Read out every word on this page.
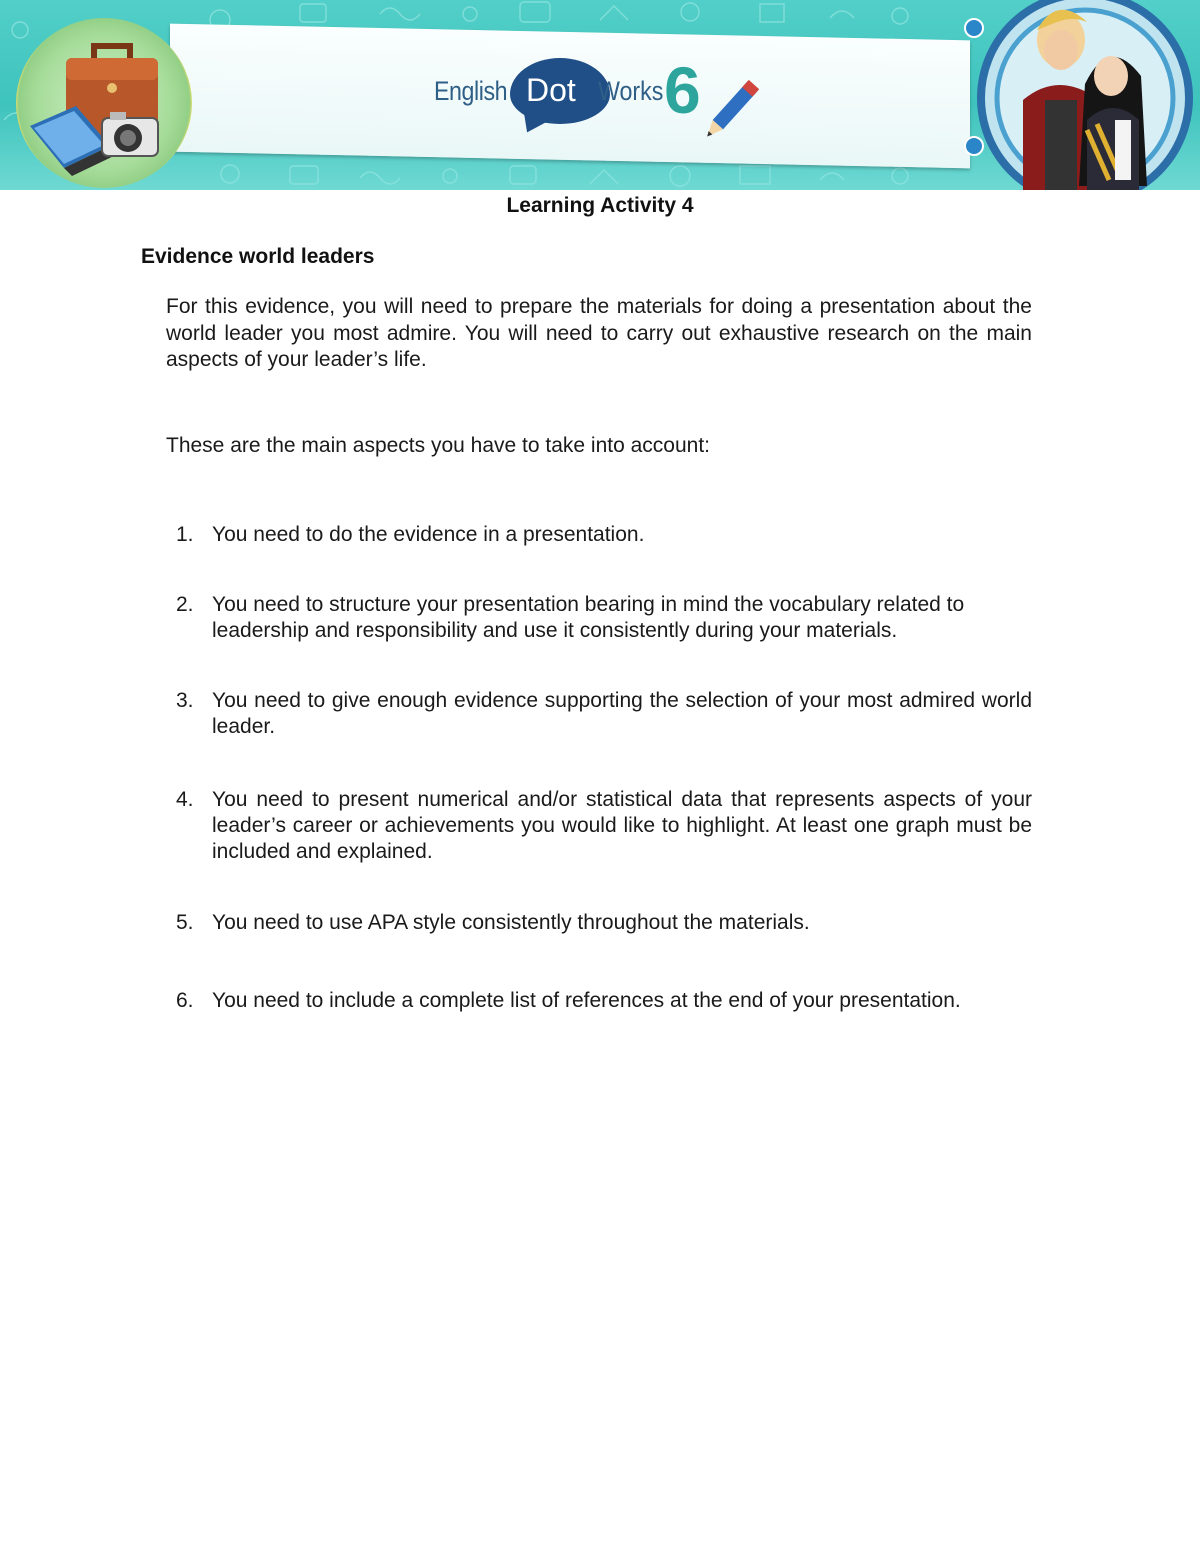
English Dot Works 6
Learning Activity 4
Evidence world leaders
For this evidence, you will need to prepare the materials for doing a presentation about the world leader you most admire. You will need to carry out exhaustive research on the main aspects of your leader’s life.
These are the main aspects you have to take into account:
1. You need to do the evidence in a presentation.
2. You need to structure your presentation bearing in mind the vocabulary related to leadership and responsibility and use it consistently during your materials.
3. You need to give enough evidence supporting the selection of your most admired world leader.
4. You need to present numerical and/or statistical data that represents aspects of your leader’s career or achievements you would like to highlight. At least one graph must be included and explained.
5. You need to use APA style consistently throughout the materials.
6. You need to include a complete list of references at the end of your presentation.
